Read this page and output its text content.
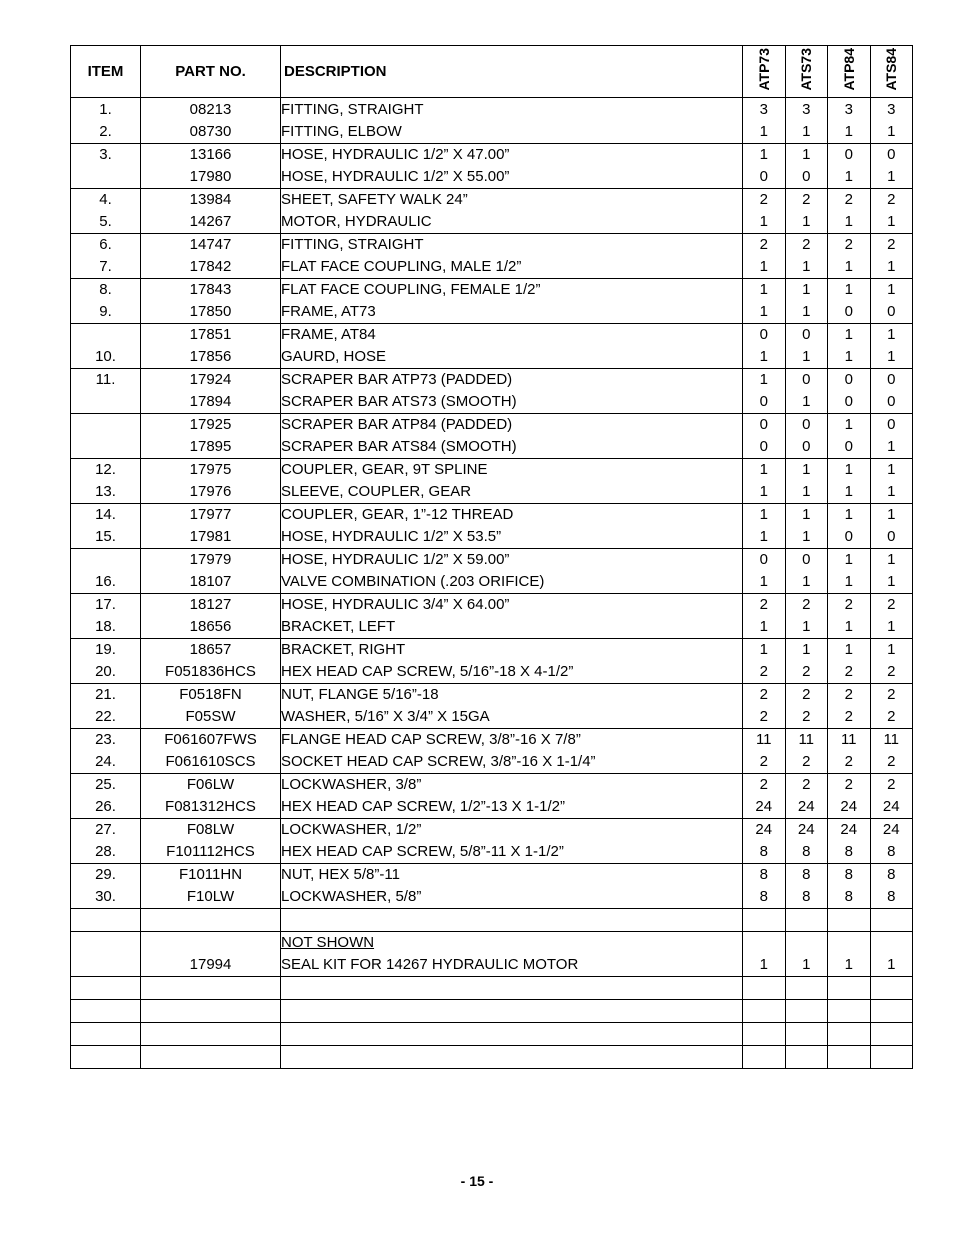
ITEM	PART NO.	DESCRIPTION	ATP73	ATS73	ATP84	ATS84

1.	08213	FITTING, STRAIGHT	3	3	3	3
2.	08730	FITTING, ELBOW	1	1	1	1
3.	13166	HOSE, HYDRAULIC 1/2” X 47.00”	1	1	0	0
	17980	HOSE, HYDRAULIC 1/2” X 55.00”	0	0	1	1
4.	13984	SHEET, SAFETY WALK 24”	2	2	2	2
5.	14267	MOTOR, HYDRAULIC	1	1	1	1
6.	14747	FITTING, STRAIGHT	2	2	2	2
7.	17842	FLAT FACE COUPLING, MALE 1/2”	1	1	1	1
8.	17843	FLAT FACE COUPLING, FEMALE 1/2”	1	1	1	1
9.	17850	FRAME, AT73	1	1	0	0
	17851	FRAME, AT84	0	0	1	1
10.	17856	GAURD, HOSE	1	1	1	1
11.	17924	SCRAPER BAR ATP73 (PADDED)	1	0	0	0
	17894	SCRAPER BAR ATS73 (SMOOTH)	0	1	0	0
	17925	SCRAPER BAR ATP84 (PADDED)	0	0	1	0
	17895	SCRAPER BAR ATS84 (SMOOTH)	0	0	0	1
12.	17975	COUPLER, GEAR, 9T SPLINE	1	1	1	1
13.	17976	SLEEVE, COUPLER, GEAR	1	1	1	1
14.	17977	COUPLER, GEAR, 1”-12 THREAD	1	1	1	1
15.	17981	HOSE, HYDRAULIC 1/2” X 53.5”	1	1	0	0
	17979	HOSE, HYDRAULIC 1/2” X 59.00”	0	0	1	1
16.	18107	VALVE COMBINATION (.203 ORIFICE)	1	1	1	1
17.	18127	HOSE, HYDRAULIC 3/4” X 64.00”	2	2	2	2
18.	18656	BRACKET, LEFT	1	1	1	1
19.	18657	BRACKET, RIGHT	1	1	1	1
20.	F051836HCS	HEX HEAD CAP SCREW, 5/16”-18 X 4-1/2”	2	2	2	2
21.	F0518FN	NUT, FLANGE 5/16”-18	2	2	2	2
22.	F05SW	WASHER, 5/16” X 3/4” X 15GA	2	2	2	2
23.	F061607FWS	FLANGE HEAD CAP SCREW, 3/8”-16 X 7/8”	11	11	11	11
24.	F061610SCS	SOCKET HEAD CAP SCREW, 3/8”-16 X 1-1/4”	2	2	2	2
25.	F06LW	LOCKWASHER, 3/8”	2	2	2	2
26.	F081312HCS	HEX HEAD CAP SCREW, 1/2”-13 X 1-1/2”	24	24	24	24
27.	F08LW	LOCKWASHER, 1/2”	24	24	24	24
28.	F101112HCS	HEX HEAD CAP SCREW, 5/8”-11 X 1-1/2”	8	8	8	8
29.	F1011HN	NUT, HEX 5/8”-11	8	8	8	8
30.	F10LW	LOCKWASHER, 5/8”	8	8	8	8

		NOT SHOWN				
	17994	SEAL KIT FOR 14267 HYDRAULIC MOTOR	1	1	1	1

- 15 -
